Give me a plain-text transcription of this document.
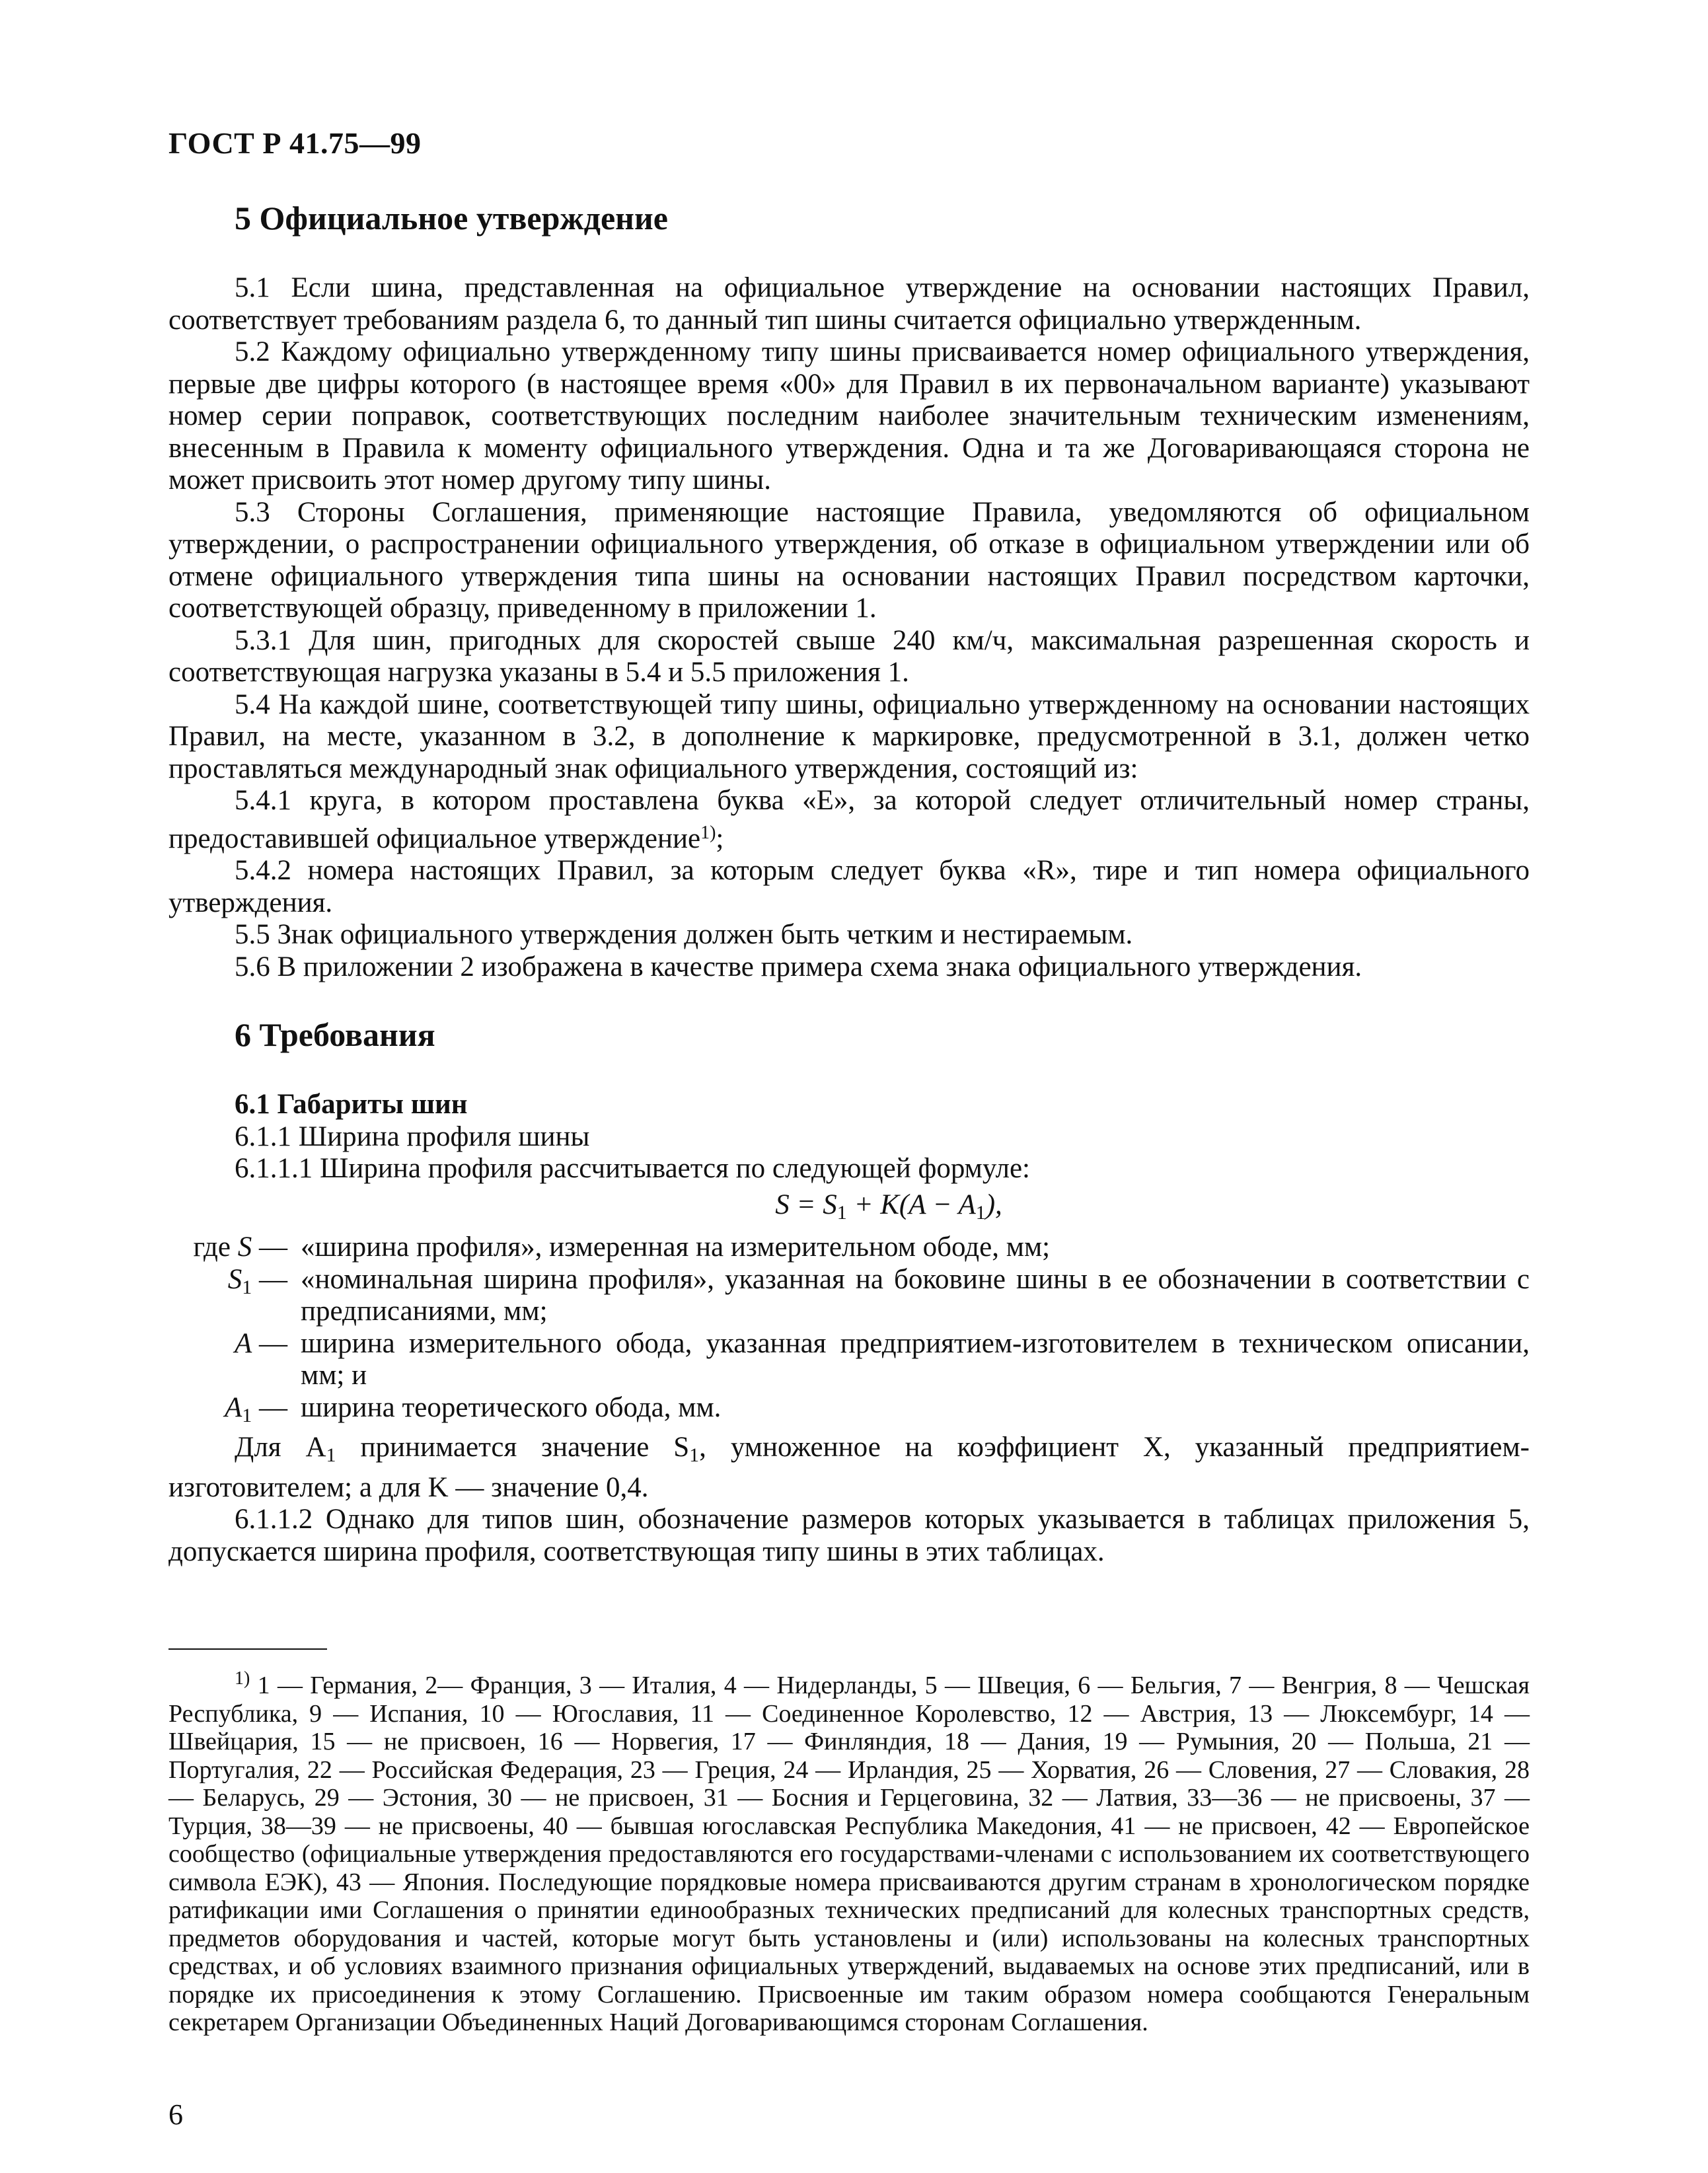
ГОСТ Р 41.75—99
5 Официальное утверждение

5.1 Если шина, представленная на официальное утверждение на основании настоящих Правил, соответствует требованиям раздела 6, то данный тип шины считается официально утвержденным.

5.2 Каждому официально утвержденному типу шины присваивается номер официального утверждения, первые две цифры которого (в настоящее время «00» для Правил в их первоначальном варианте) указывают номер серии поправок, соответствующих последним наиболее значительным техническим изменениям, внесенным в Правила к моменту официального утверждения. Одна и та же Договаривающаяся сторона не может присвоить этот номер другому типу шины.

5.3 Стороны Соглашения, применяющие настоящие Правила, уведомляются об официальном утверждении, о распространении официального утверждения, об отказе в официальном утверждении или об отмене официального утверждения типа шины на основании настоящих Правил посредством карточки, соответствующей образцу, приведенному в приложении 1.

5.3.1 Для шин, пригодных для скоростей свыше 240 км/ч, максимальная разрешенная скорость и соответствующая нагрузка указаны в 5.4 и 5.5 приложения 1.

5.4 На каждой шине, соответствующей типу шины, официально утвержденному на основании настоящих Правил, на месте, указанном в 3.2, в дополнение к маркировке, предусмотренной в 3.1, должен четко проставляться международный знак официального утверждения, состоящий из:

5.4.1 круга, в котором проставлена буква «Е», за которой следует отличительный номер страны, предоставившей официальное утверждение$^{1)}$;

5.4.2 номера настоящих Правил, за которым следует буква «R», тире и тип номера официального утверждения.

5.5 Знак официального утверждения должен быть четким и нестираемым.

5.6 В приложении 2 изображена в качестве примера схема знака официального утверждения.

6 Требования

6.1 Габариты шин

6.1.1 Ширина профиля шины

6.1.1.1 Ширина профиля рассчитывается по следующей формуле:

$S = S_1 + K(A - A_1)$,
где S — «ширина профиля», измеренная на измерительном ободе, мм;
$S_1$ — «номинальная ширина профиля», указанная на боковине шины в ее обозначении в соответствии с предписаниями, мм;
A — ширина измерительного обода, указанная предприятием-изготовителем в техническом описании, мм; и
$A_1$ — ширина теоретического обода, мм.

Для A1 принимается значение S1, умноженное на коэффициент X, указанный предприятием-изготовителем; а для K — значение 0,4.

6.1.1.2 Однако для типов шин, обозначение размеров которых указывается в таблицах приложения 5, допускается ширина профиля, соответствующая типу шины в этих таблицах.

$^{1)}$ 1 — Германия, 2— Франция, 3 — Италия, 4 — Нидерланды, 5 — Швеция, 6 — Бельгия, 7 — Венгрия, 8 — Чешская Республика, 9 — Испания, 10 — Югославия, 11 — Соединенное Королевство, 12 — Австрия, 13 — Люксембург, 14 — Швейцария, 15 — не присвоен, 16 — Норвегия, 17 — Финляндия, 18 — Дания, 19 — Румыния, 20 — Польша, 21 — Португалия, 22 — Российская Федерация, 23 — Греция, 24 — Ирландия, 25 — Хорватия, 26 — Словения, 27 — Словакия, 28 — Беларусь, 29 — Эстония, 30 — не присвоен, 31 — Босния и Герцеговина, 32 — Латвия, 33—36 — не присвоены, 37 — Турция, 38—39 — не присвоены, 40 — бывшая югославская Республика Македония, 41 — не присвоен, 42 — Европейское сообщество (официальные утверждения предоставляются его государствами-членами с использованием их соответствующего символа ЕЭК), 43 — Япония. Последующие порядковые номера присваиваются другим странам в хронологическом порядке ратификации ими Соглашения о принятии единообразных технических предписаний для колесных транспортных средств, предметов оборудования и частей, которые могут быть установлены и (или) использованы на колесных транспортных средствах, и об условиях взаимного признания официальных утверждений, выдаваемых на основе этих предписаний, или в порядке их присоединения к этому Соглашению. Присвоенные им таким образом номера сообщаются Генеральным секретарем Организации Объединенных Наций Договаривающимся сторонам Соглашения.

6
